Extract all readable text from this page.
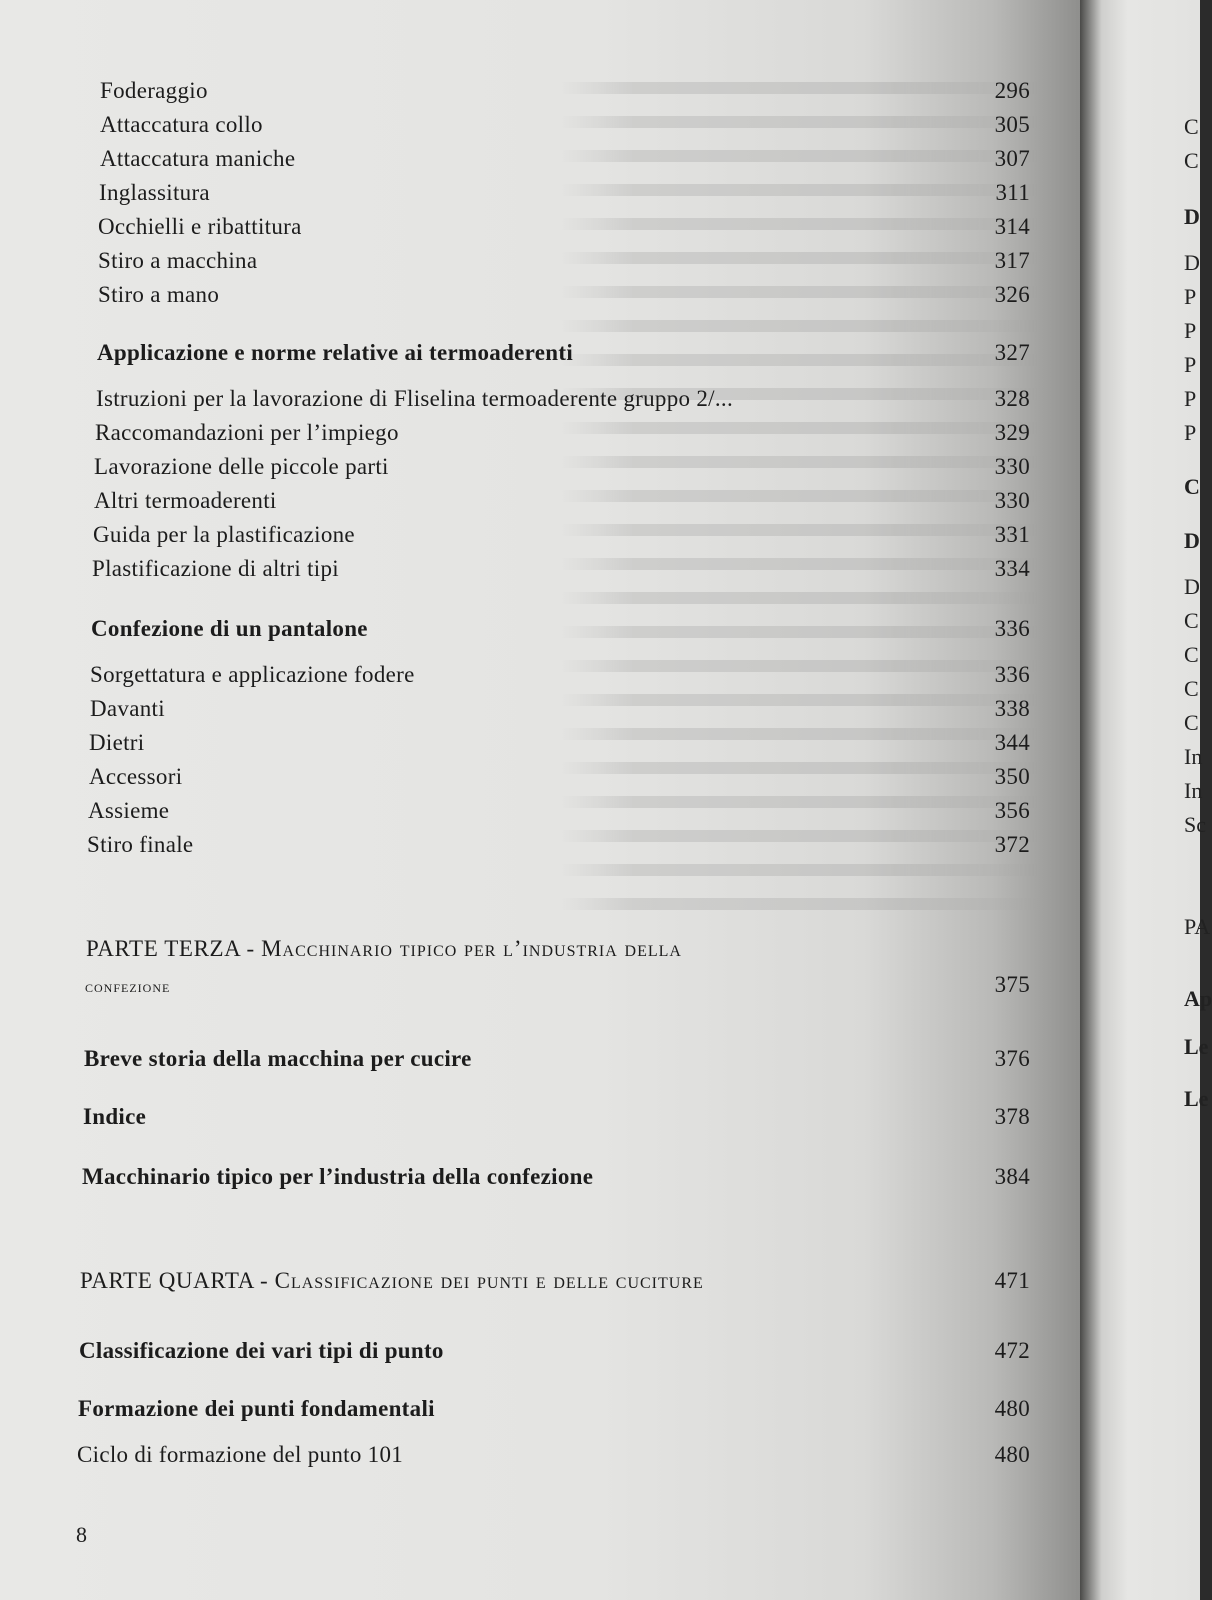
Foderaggio	296
Attaccatura collo	305
Attaccatura maniche	307
Inglassitura	311
Occhielli e ribattitura	314
Stiro a macchina	317
Stiro a mano	326
Applicazione e norme relative ai termoaderenti	327
Istruzioni per la lavorazione di Fliselina termoaderente gruppo 2/...	328
Raccomandazioni per l’impiego	329
Lavorazione delle piccole parti	330
Altri termoaderenti	330
Guida per la plastificazione	331
Plastificazione di altri tipi	334
Confezione di un pantalone	336
Sorgettatura e applicazione fodere	336
Davanti	338
Dietri	344
Accessori	350
Assieme	356
Stiro finale	372
PARTE TERZA - Macchinario tipico per l’industria della
confezione	375
Breve storia della macchina per cucire	376
Indice	378
Macchinario tipico per l’industria della confezione	384
PARTE QUARTA - Classificazione dei punti e delle cuciture	471
Classificazione dei vari tipi di punto	472
Formazione dei punti fondamentali	480
Ciclo di formazione del punto 101	480
8
C
C
D
D
P
P
P
P
P
C
D
D
C
C
C
C
In
In
Sc
PA
Ap
Le
Le
